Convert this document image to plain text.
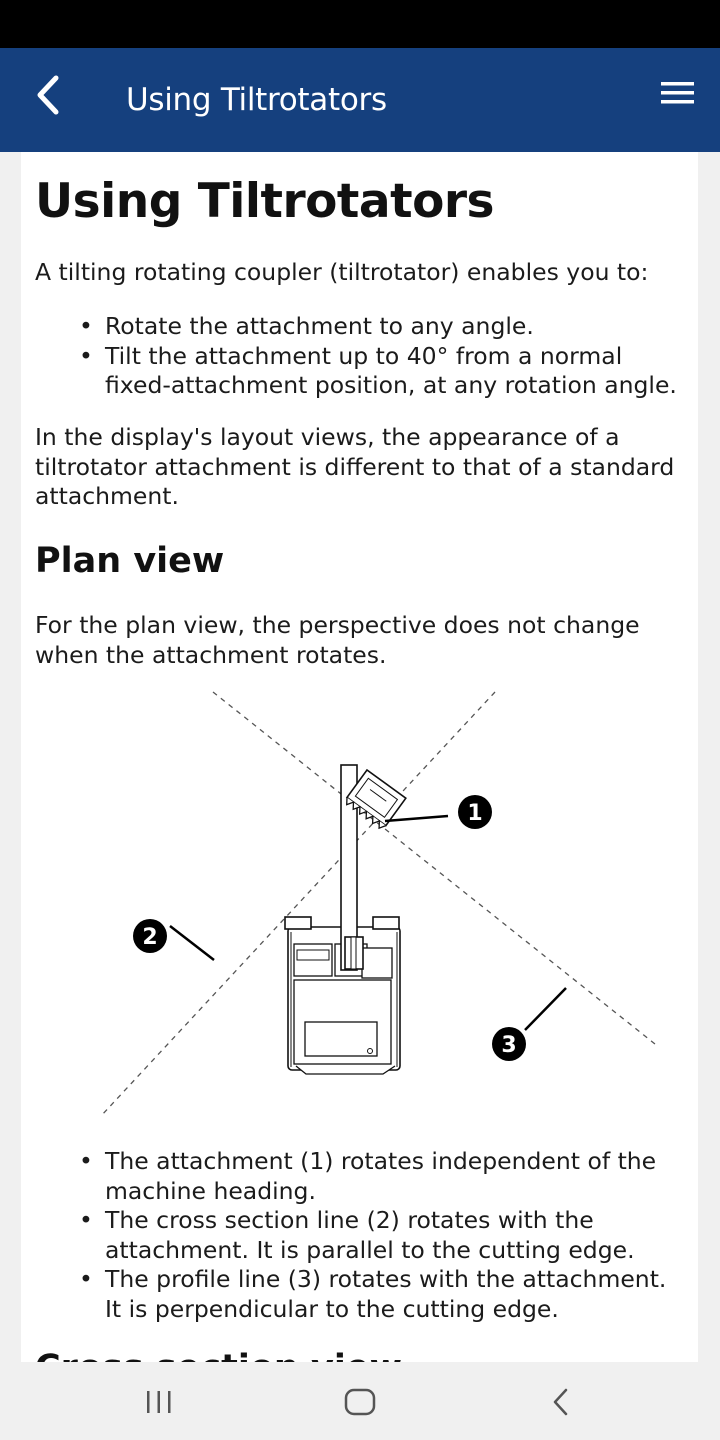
Using Tiltrotators
Using Tiltrotators
A tilting rotating coupler (tiltrotator) enables you to:
• Rotate the attachment to any angle.
• Tilt the attachment up to 40° from a normal fixed-attachment position, at any rotation angle.
In the display's layout views, the appearance of a tiltrotator attachment is different to that of a standard attachment.
Plan view
For the plan view, the perspective does not change when the attachment rotates.
1
2
3
• The attachment (1) rotates independent of the machine heading.
• The cross section line (2) rotates with the attachment. It is parallel to the cutting edge.
• The profile line (3) rotates with the attachment. It is perpendicular to the cutting edge.
